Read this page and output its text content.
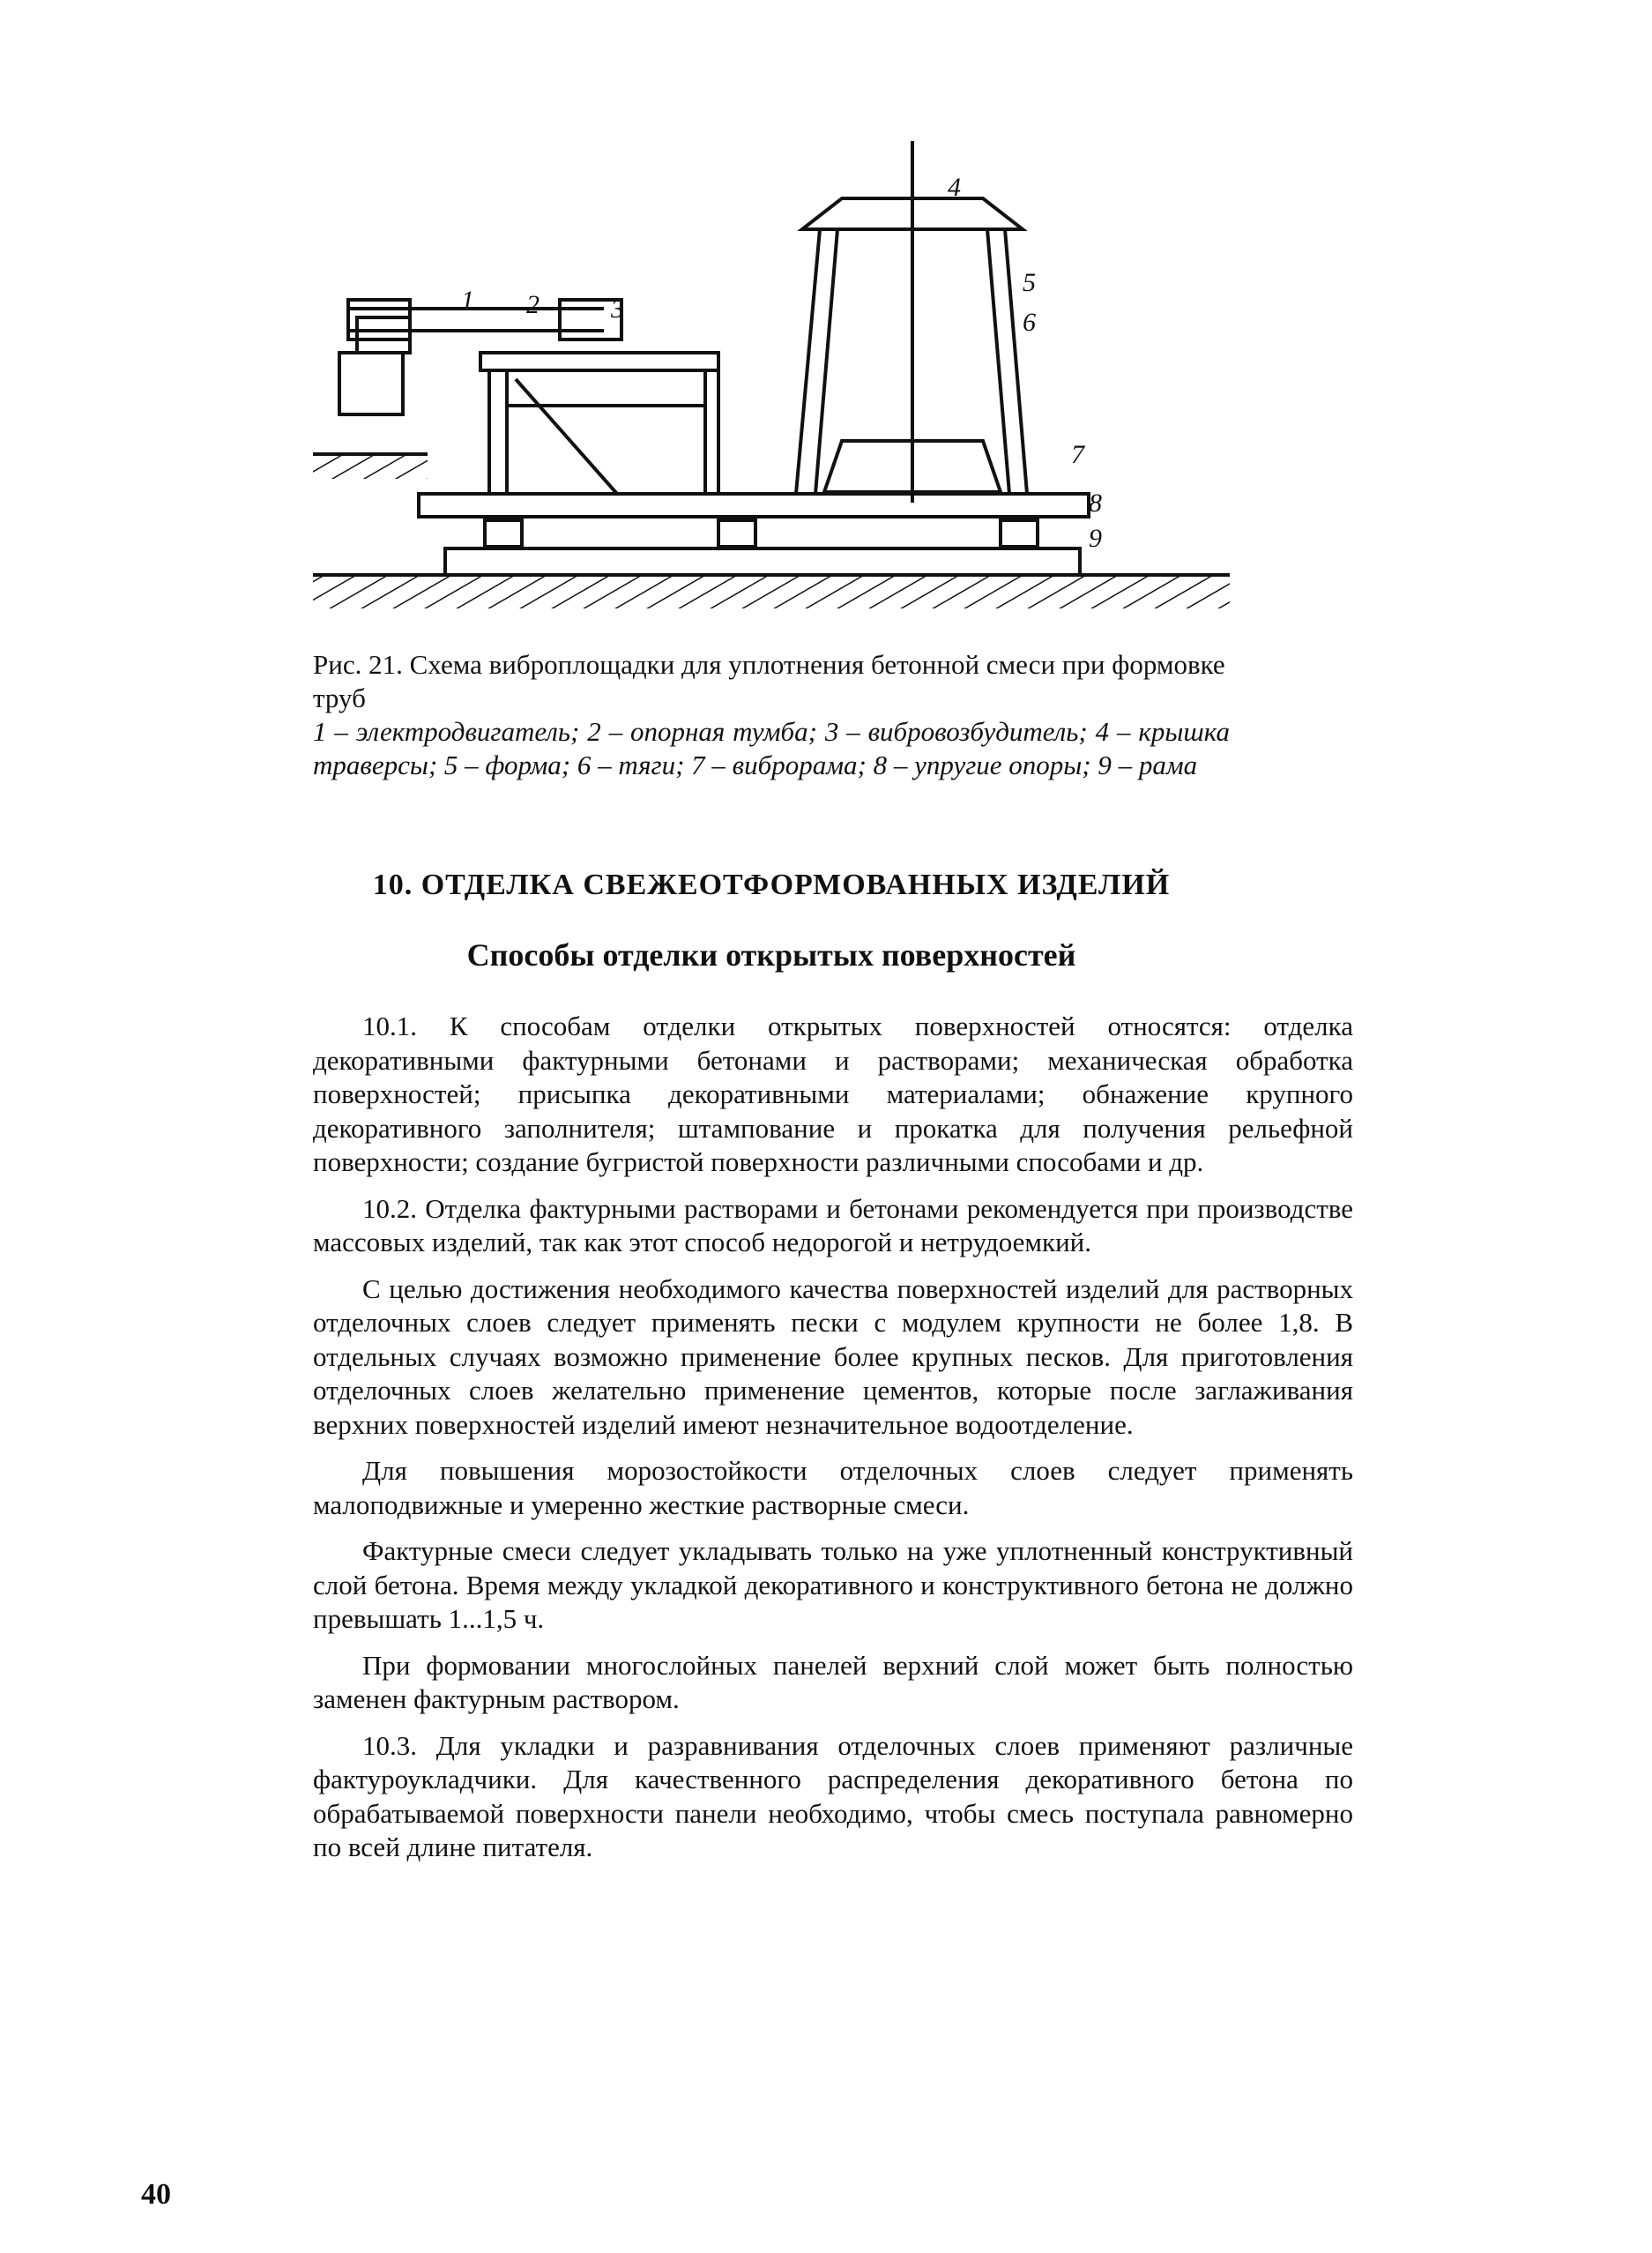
1 2	3
4
5
6
7
8
9
Рис. 21. Схема виброплощадки для уплотнения бетонной смеси при формовке труб
1 – электродвигатель; 2 – опорная тумба; 3 – вибровозбудитель; 4 – крышка траверсы; 5 – форма; 6 – тяги; 7 – виброрама; 8 – упругие опоры; 9 – рама
10. ОТДЕЛКА СВЕЖЕОТФОРМОВАННЫХ ИЗДЕЛИЙ
Способы отделки открытых поверхностей

10.1. К способам отделки открытых поверхностей относятся: отделка декоративными фактурными бетонами и растворами; механическая обработка поверхностей; присыпка декоративными материалами; обнажение крупного декоративного заполнителя; штампование и прокатка для получения рельефной поверхности; создание бугристой поверхности различными способами и др.

10.2. Отделка фактурными растворами и бетонами рекомендуется при производстве массовых изделий, так как этот способ недорогой и нетрудоемкий.

С целью достижения необходимого качества поверхностей изделий для растворных отделочных слоев следует применять пески с модулем крупности не более 1,8. В отдельных случаях возможно применение более крупных песков. Для приготовления отделочных слоев желательно применение цементов, которые после заглаживания верхних поверхностей изделий имеют незначительное водоотделение.

Для повышения морозостойкости отделочных слоев следует применять малоподвижные и умеренно жесткие растворные смеси.

Фактурные смеси следует укладывать только на уже уплотненный конструктивный слой бетона. Время между укладкой декоративного и конструктивного бетона не должно превышать 1...1,5 ч.

При формовании многослойных панелей верхний слой может быть полностью заменен фактурным раствором.

10.3. Для укладки и разравнивания отделочных слоев применяют различные фактуроукладчики. Для качественного распределения декоративного бетона по обрабатываемой поверхности панели необходимо, чтобы смесь поступала равномерно по всей длине питателя.

40
